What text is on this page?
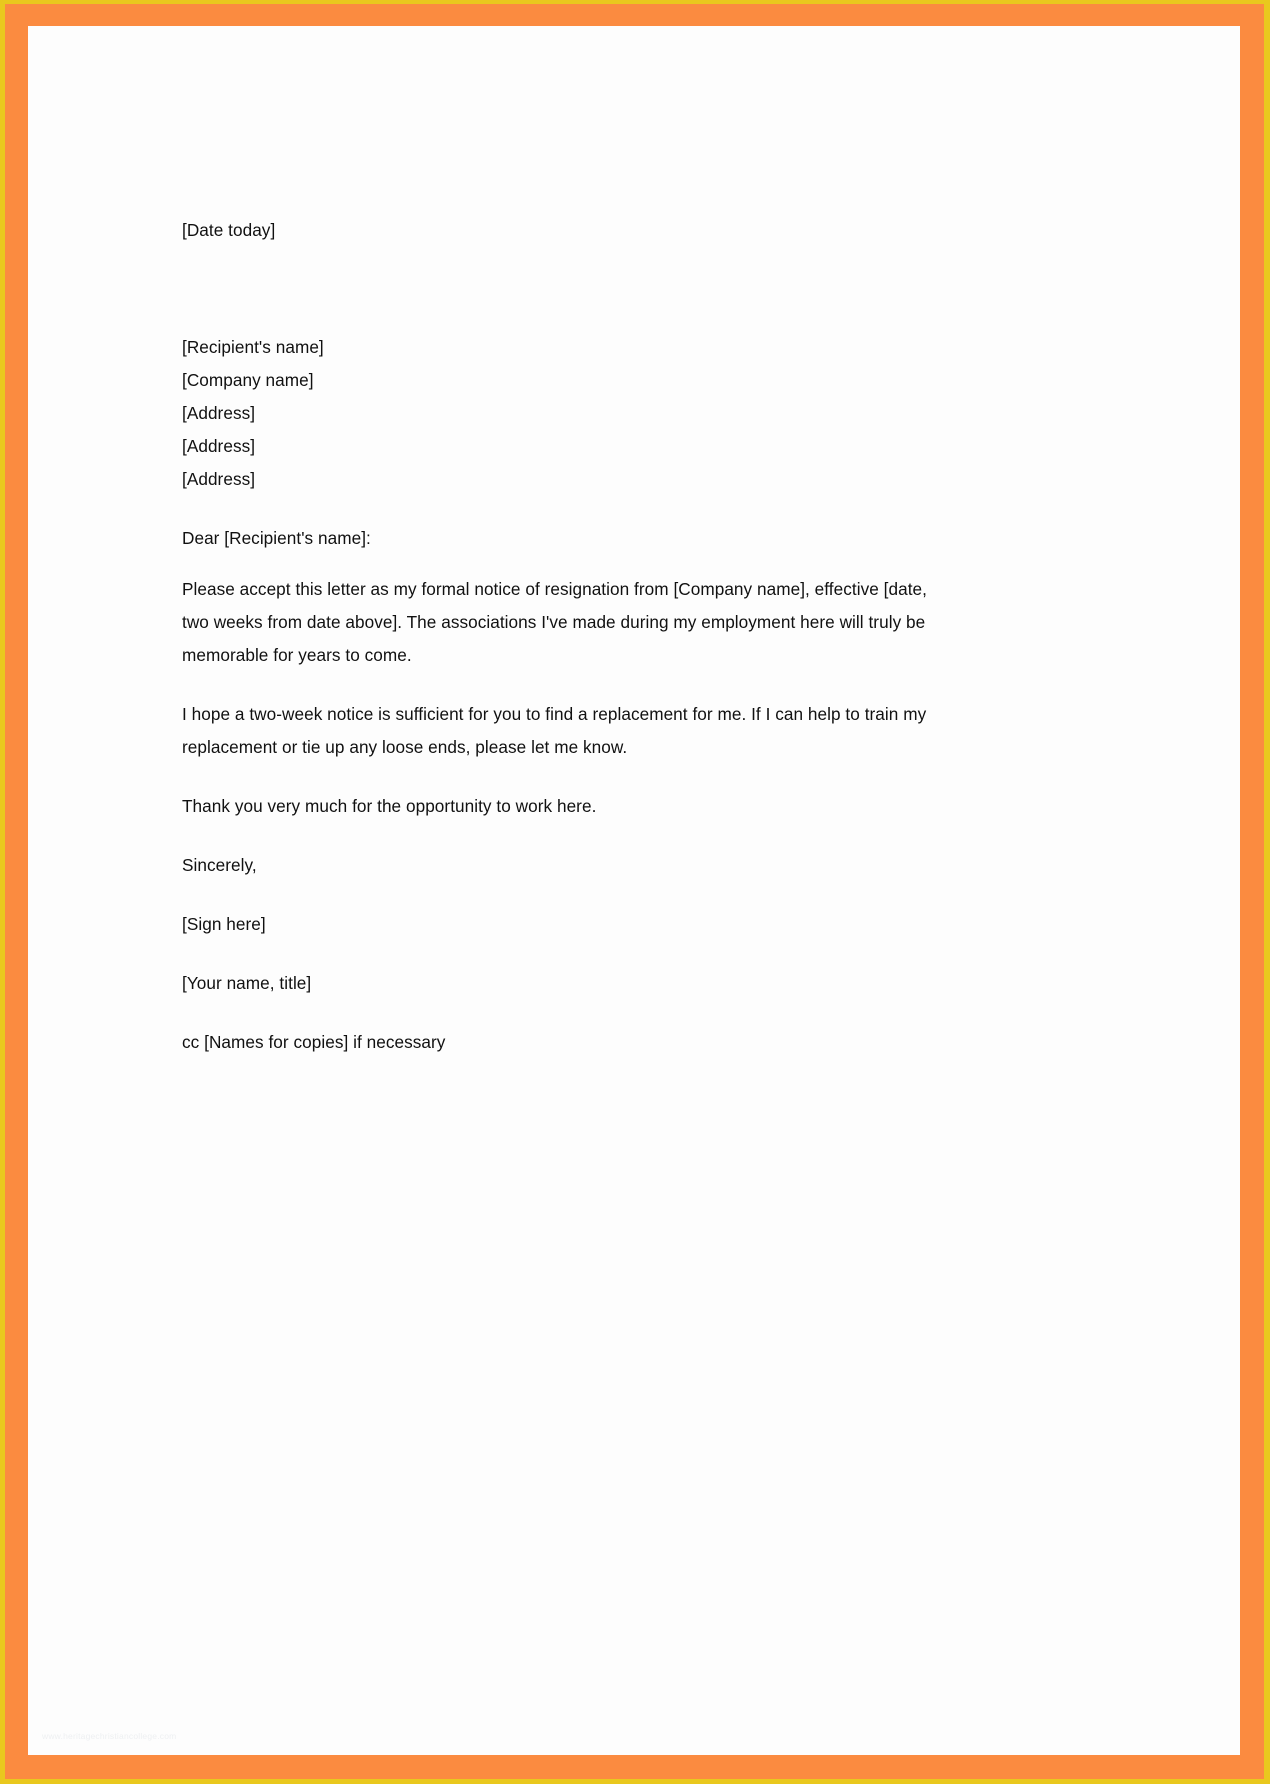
[Date today]
[Recipient's name]
[Company name]
[Address]
[Address]
[Address]
Dear [Recipient's name]:

Please accept this letter as my formal notice of resignation from [Company name], effective [date, two weeks from date above]. The associations I've made during my employment here will truly be memorable for years to come.

I hope a two-week notice is sufficient for you to find a replacement for me. If I can help to train my replacement or tie up any loose ends, please let me know.

Thank you very much for the opportunity to work here.

Sincerely,
[Sign here]
[Your name, title]
cc [Names for copies] if necessary
www.heritagechristiancollege.com
